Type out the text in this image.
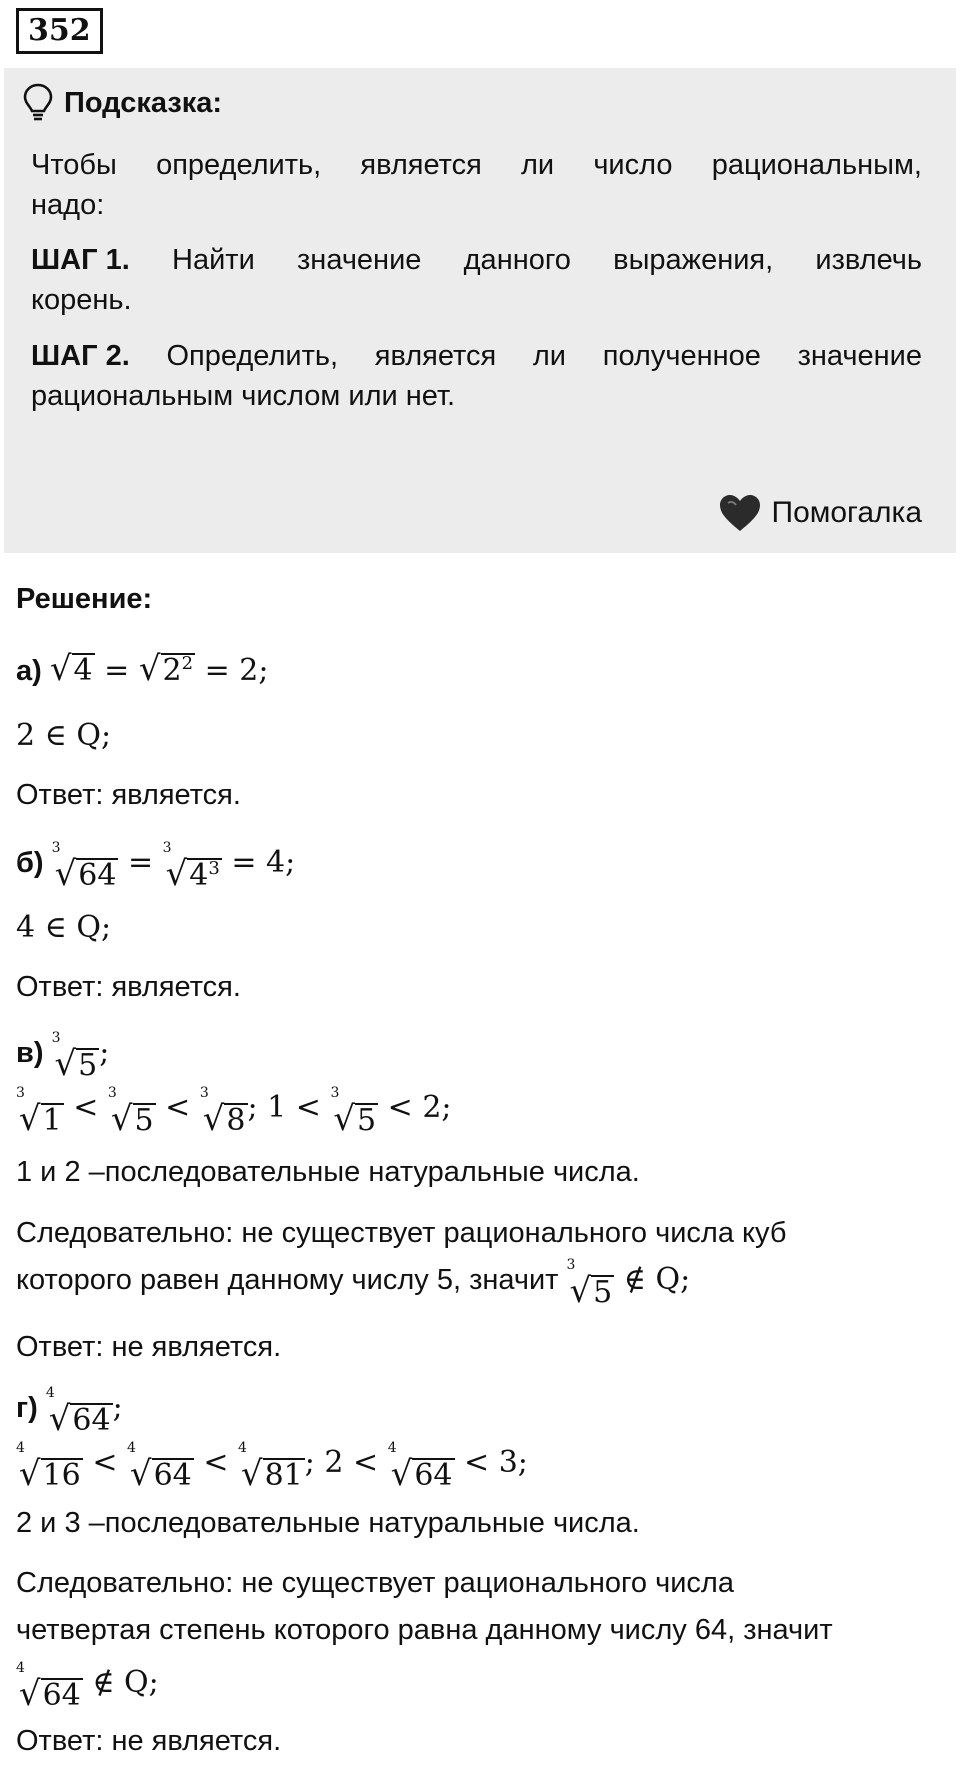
352
Подсказка:
Чтобы определить, является ли число рациональным,
надо:
ШАГ 1. Найти значение данного выражения, извлечь
корень.
ШАГ 2. Определить, является ли полученное значение
рациональным числом или нет.
Помогалка
Решение:
а) √ 4 = √ $2^2 = 2$;
2 ∈ Q;
Ответ: является.
б) 3
√ 64 = 3
√ $4^3 = 4$;
4 ∈ Q;
Ответ: является.
в) 3
√ 5 ;
3
√ 1 < 3
√ 5 < 3
√ 8 ; 1 < 3
√ 5 < 2;
1 и 2 –последовательные натуральные числа.
Следовательно: не существует рационального числа куб
которого равен данному числу 5, значит 3
√ 5 ∉ Q;
Ответ: не является.
г) 4
√ 64 ;
4
√ 16 < 4
√ 64 < 4
√ 81 ; 2 < 4
√ 64 < 3;
2 и 3 –последовательные натуральные числа.
Следовательно: не существует рационального числа
четвертая степень которого равна данному числу 64, значит
4
√ 64 ∉ Q;
Ответ: не является.
